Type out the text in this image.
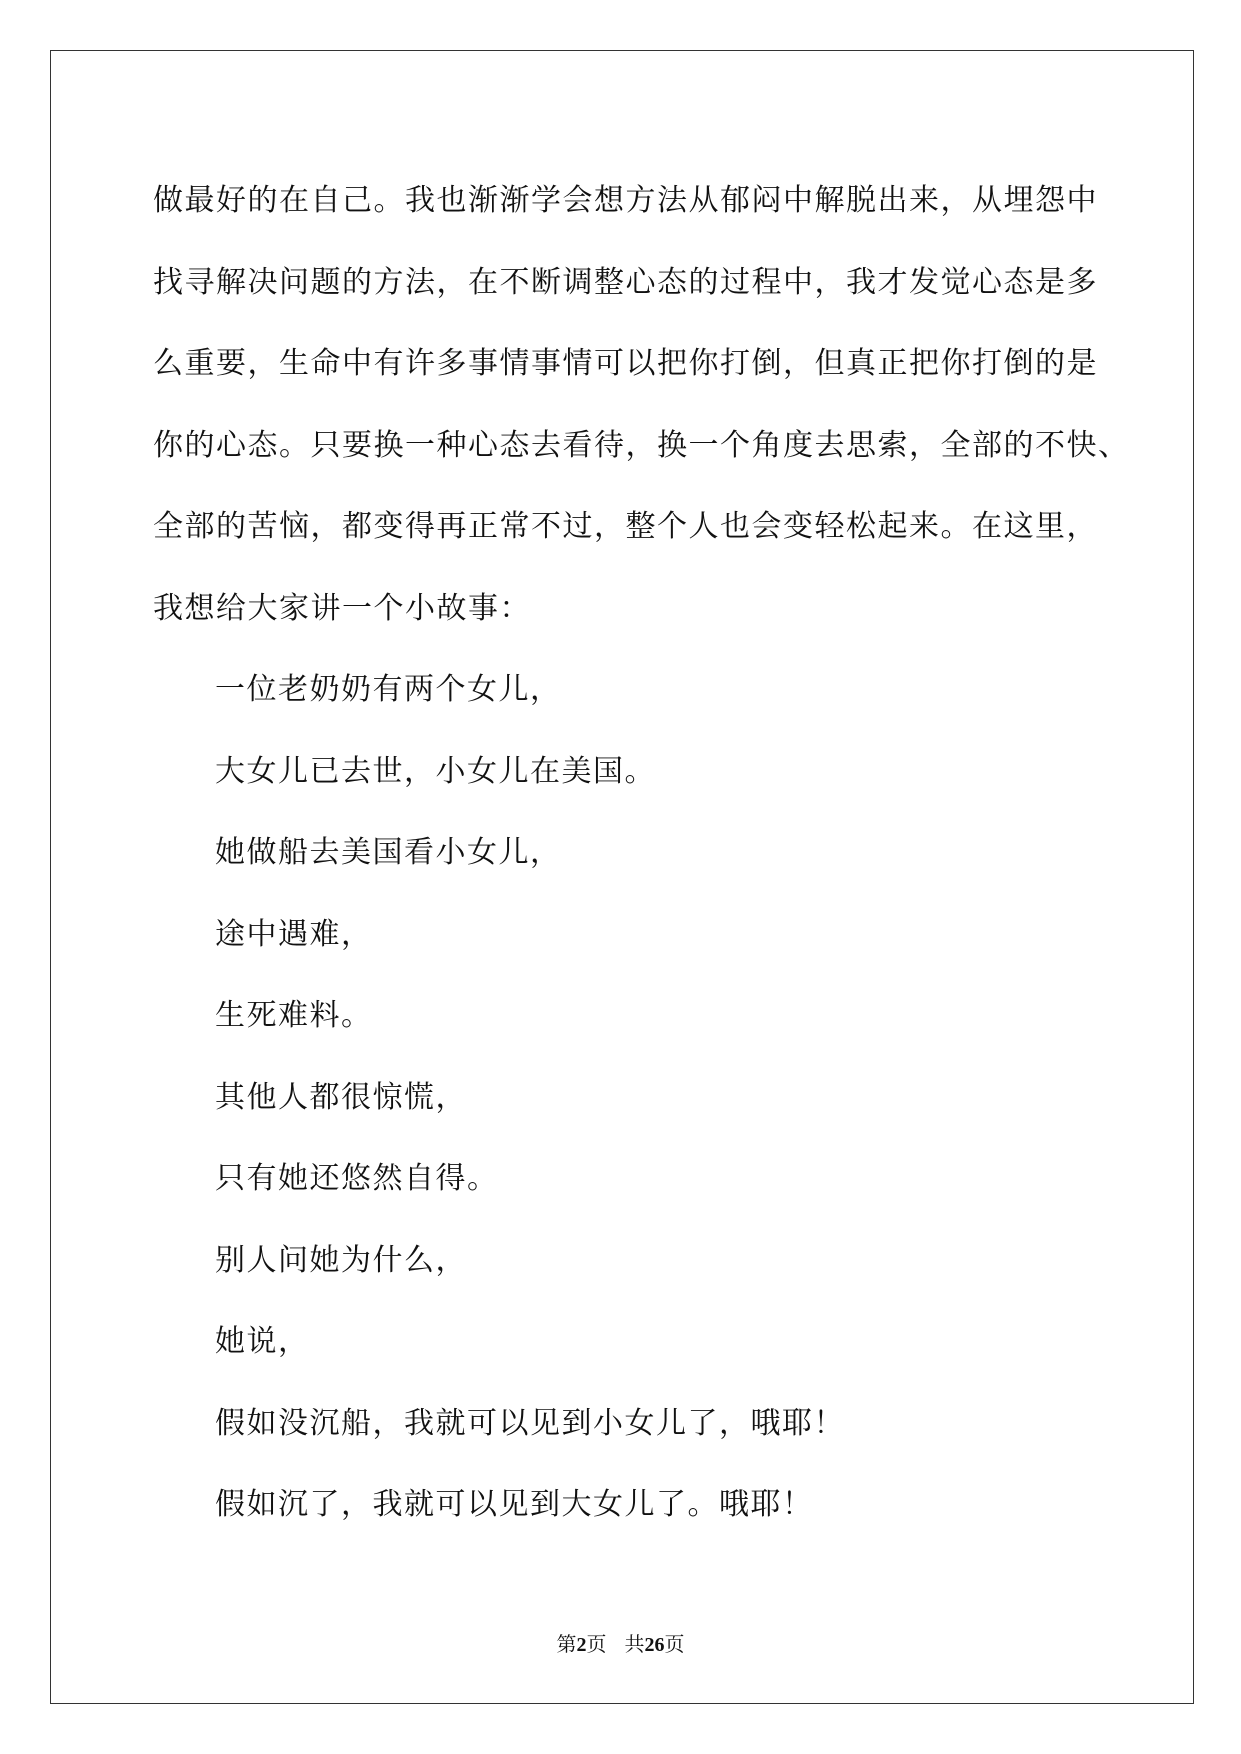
做最好的在自己。我也渐渐学会想方法从郁闷中解脱出来，从埋怨中
找寻解决问题的方法，在不断调整心态的过程中，我才发觉心态是多
么重要，生命中有许多事情事情可以把你打倒，但真正把你打倒的是
你的心态。只要换一种心态去看待，换一个角度去思索，全部的不快、
全部的苦恼，都变得再正常不过，整个人也会变轻松起来。在这里，
我想给大家讲一个小故事：
一位老奶奶有两个女儿，
大女儿已去世，小女儿在美国。
她做船去美国看小女儿，
途中遇难，
生死难料。
其他人都很惊慌，
只有她还悠然自得。
别人问她为什么，
她说，
假如没沉船，我就可以见到小女儿了，哦耶！
假如沉了，我就可以见到大女儿了。哦耶！
第2页 共26页
